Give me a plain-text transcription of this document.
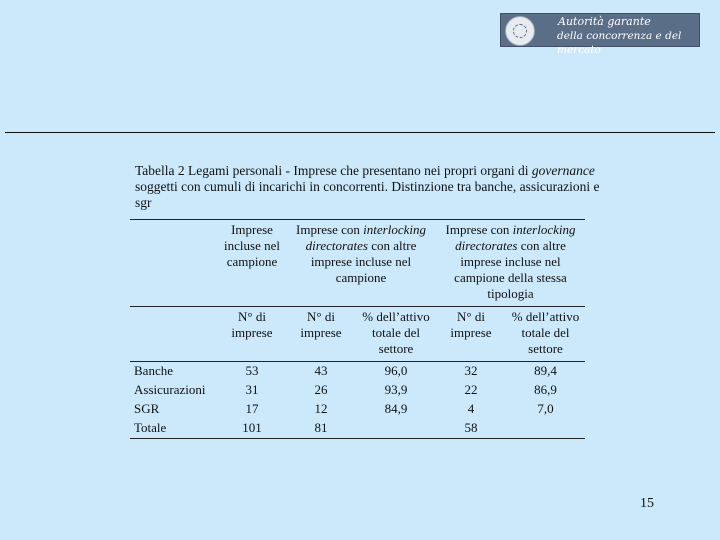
Autorità garante
della concorrenza e del mercato
Tabella 2 Legami personali - Imprese che presentano nei propri organi di governance soggetti con cumuli di incarichi in concorrenti. Distinzione tra banche, assicurazioni e sgr
	Imprese incluse nel campione	Imprese con interlocking directorates con altre imprese incluse nel campione		Imprese con interlocking directorates con altre imprese incluse nel campione della stessa tipologia	
	N° di imprese	N° di imprese	% dell’attivo totale del settore	N° di imprese	% dell’attivo totale del settore
Banche	53	43	96,0	32	89,4
Assicurazioni	31	26	93,9	22	86,9
SGR	17	12	84,9	4	7,0
Totale	101	81		58	
15
